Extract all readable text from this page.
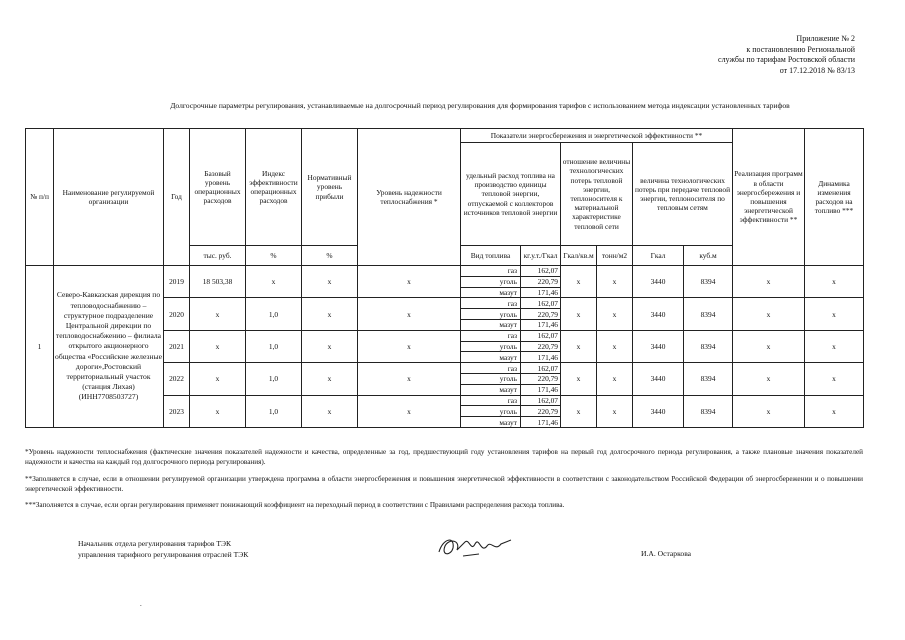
Приложение № 2
к постановлению Региональной
службы по тарифам Ростовской области
от 17.12.2018 № 83/13
Долгосрочные параметры регулирования, устанавливаемые на долгосрочный период регулирования для формирования тарифов с использованием метода индексации установленных тарифов
№ п/п	Наименование регулируемой организации	Год	Базовый уровень операционных расходов	Индекс эффективности операционных расходов	Нормативный уровень прибыли	Уровень надежности теплоснабжения *	Показатели энергосбережения и энергетической эффективности **						Реализация программ в области энергосбережения и повышения энергетической эффективности **	Динамика изменения расходов на топливо ***
							удельный расход топлива на производство единицы тепловой энергии, отпускаемой с коллекторов источников тепловой энергии		отношение величины технологических потерь тепловой энергии, теплоносителя к материальной характеристике тепловой сети		величина технологических потерь при передаче тепловой энергии, теплоносителя по тепловым сетям			
			тыс. руб.	%	%		Вид топлива	кг.у.т./Гкал	Гкал/кв.м	тонн/м2	Гкал	куб.м		
1	Северо-Кавказская дирекция по тепловодоснабжению – структурное подразделение Центральной дирекции по тепловодоснабжению – филиала открытого акционерного общества «Российские железные дороги»,Ростовский территориальный участок (станция Лихая) (ИНН7708503727)	2019	18 503,38	х	х	х	газ	162,07	х	х	3440	8394	х	х
							уголь	220,79						
							мазут	171,46						
		2020	х	1,0	х	х	газ	162,07	х	х	3440	8394	х	х
							уголь	220,79						
							мазут	171,46						
		2021	х	1,0	х	х	газ	162,07	х	х	3440	8394	х	х
							уголь	220,79						
							мазут	171,46						
		2022	х	1,0	х	х	газ	162,07	х	х	3440	8394	х	х
							уголь	220,79						
							мазут	171,46						
		2023	х	1,0	х	х	газ	162,07	х	х	3440	8394	х	х
							уголь	220,79						
							мазут	171,46						
*Уровень надежности теплоснабжения (фактические значения показателей надежности и качества, определенные за год, предшествующий году установления тарифов на первый год долгосрочного периода регулирования, а также плановые значения показателей надежности и качества на каждый год долгосрочного периода регулирования).
**Заполняется в случае, если в отношении регулируемой организации утверждена программа в области энергосбережения и повышения энергетической эффективности в соответствии с законодательством Российской Федерации об энергосбережении и о повышении энергетической эффективности.
***Заполняется в случае, если орган регулирования применяет понижающий коэффициент на переходный период в соответствии с Правилами распределения расхода топлива.
Начальник отдела регулирования тарифов ТЭК
управления тарифного регулирования отраслей ТЭК	И.А. Остаркова
.
